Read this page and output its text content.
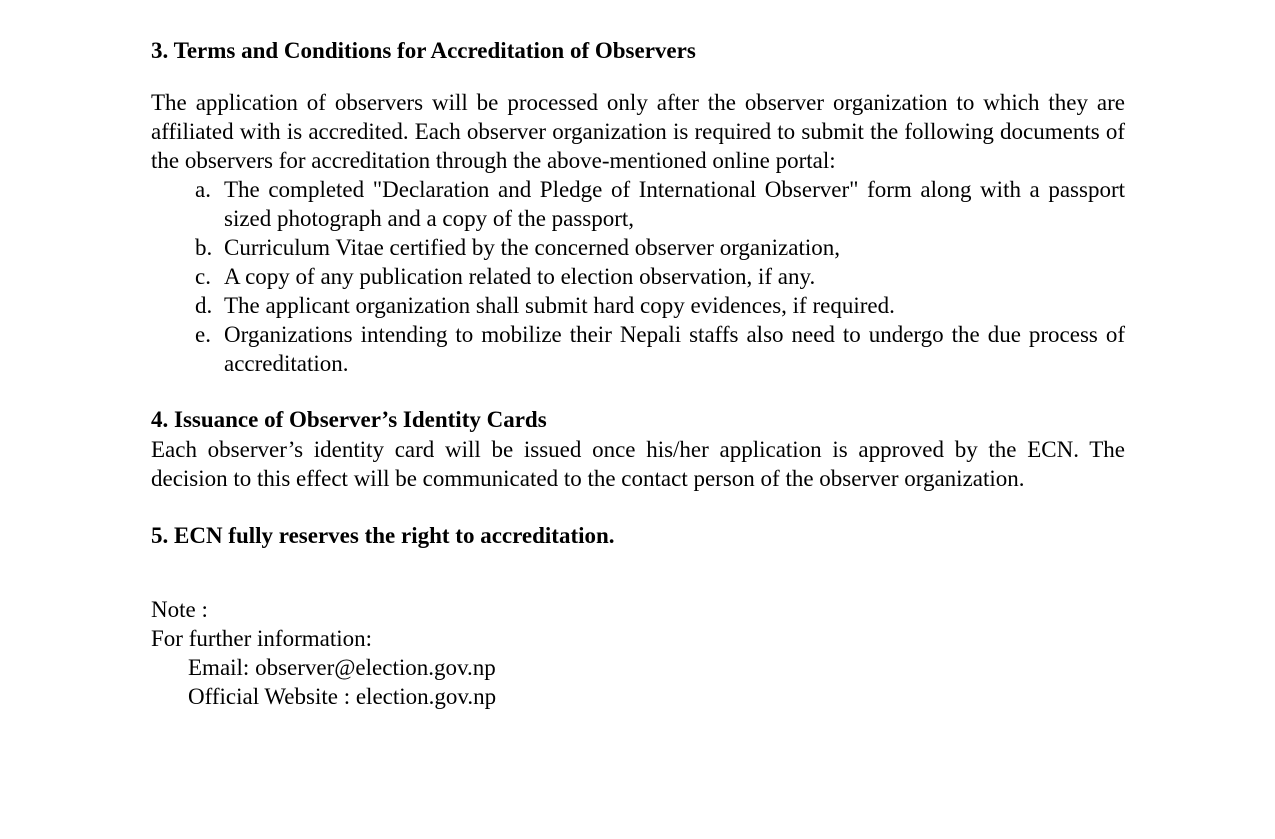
3. Terms and Conditions for Accreditation of Observers

The application of observers will be processed only after the observer organization to which they are affiliated with is accredited. Each observer organization is required to submit the following documents of the observers for accreditation through the above-mentioned online portal:

a. The completed "Declaration and Pledge of International Observer" form along with a passport sized photograph and a copy of the passport,
b. Curriculum Vitae certified by the concerned observer organization,
c. A copy of any publication related to election observation, if any.
d. The applicant organization shall submit hard copy evidences, if required.
e. Organizations intending to mobilize their Nepali staffs also need to undergo the due process of accreditation.

4. Issuance of Observer’s Identity Cards

Each observer’s identity card will be issued once his/her application is approved by the ECN. The decision to this effect will be communicated to the contact person of the observer organization.

5. ECN fully reserves the right to accreditation.

Note :
For further information:
Email: observer@election.gov.np
Official Website : election.gov.np
